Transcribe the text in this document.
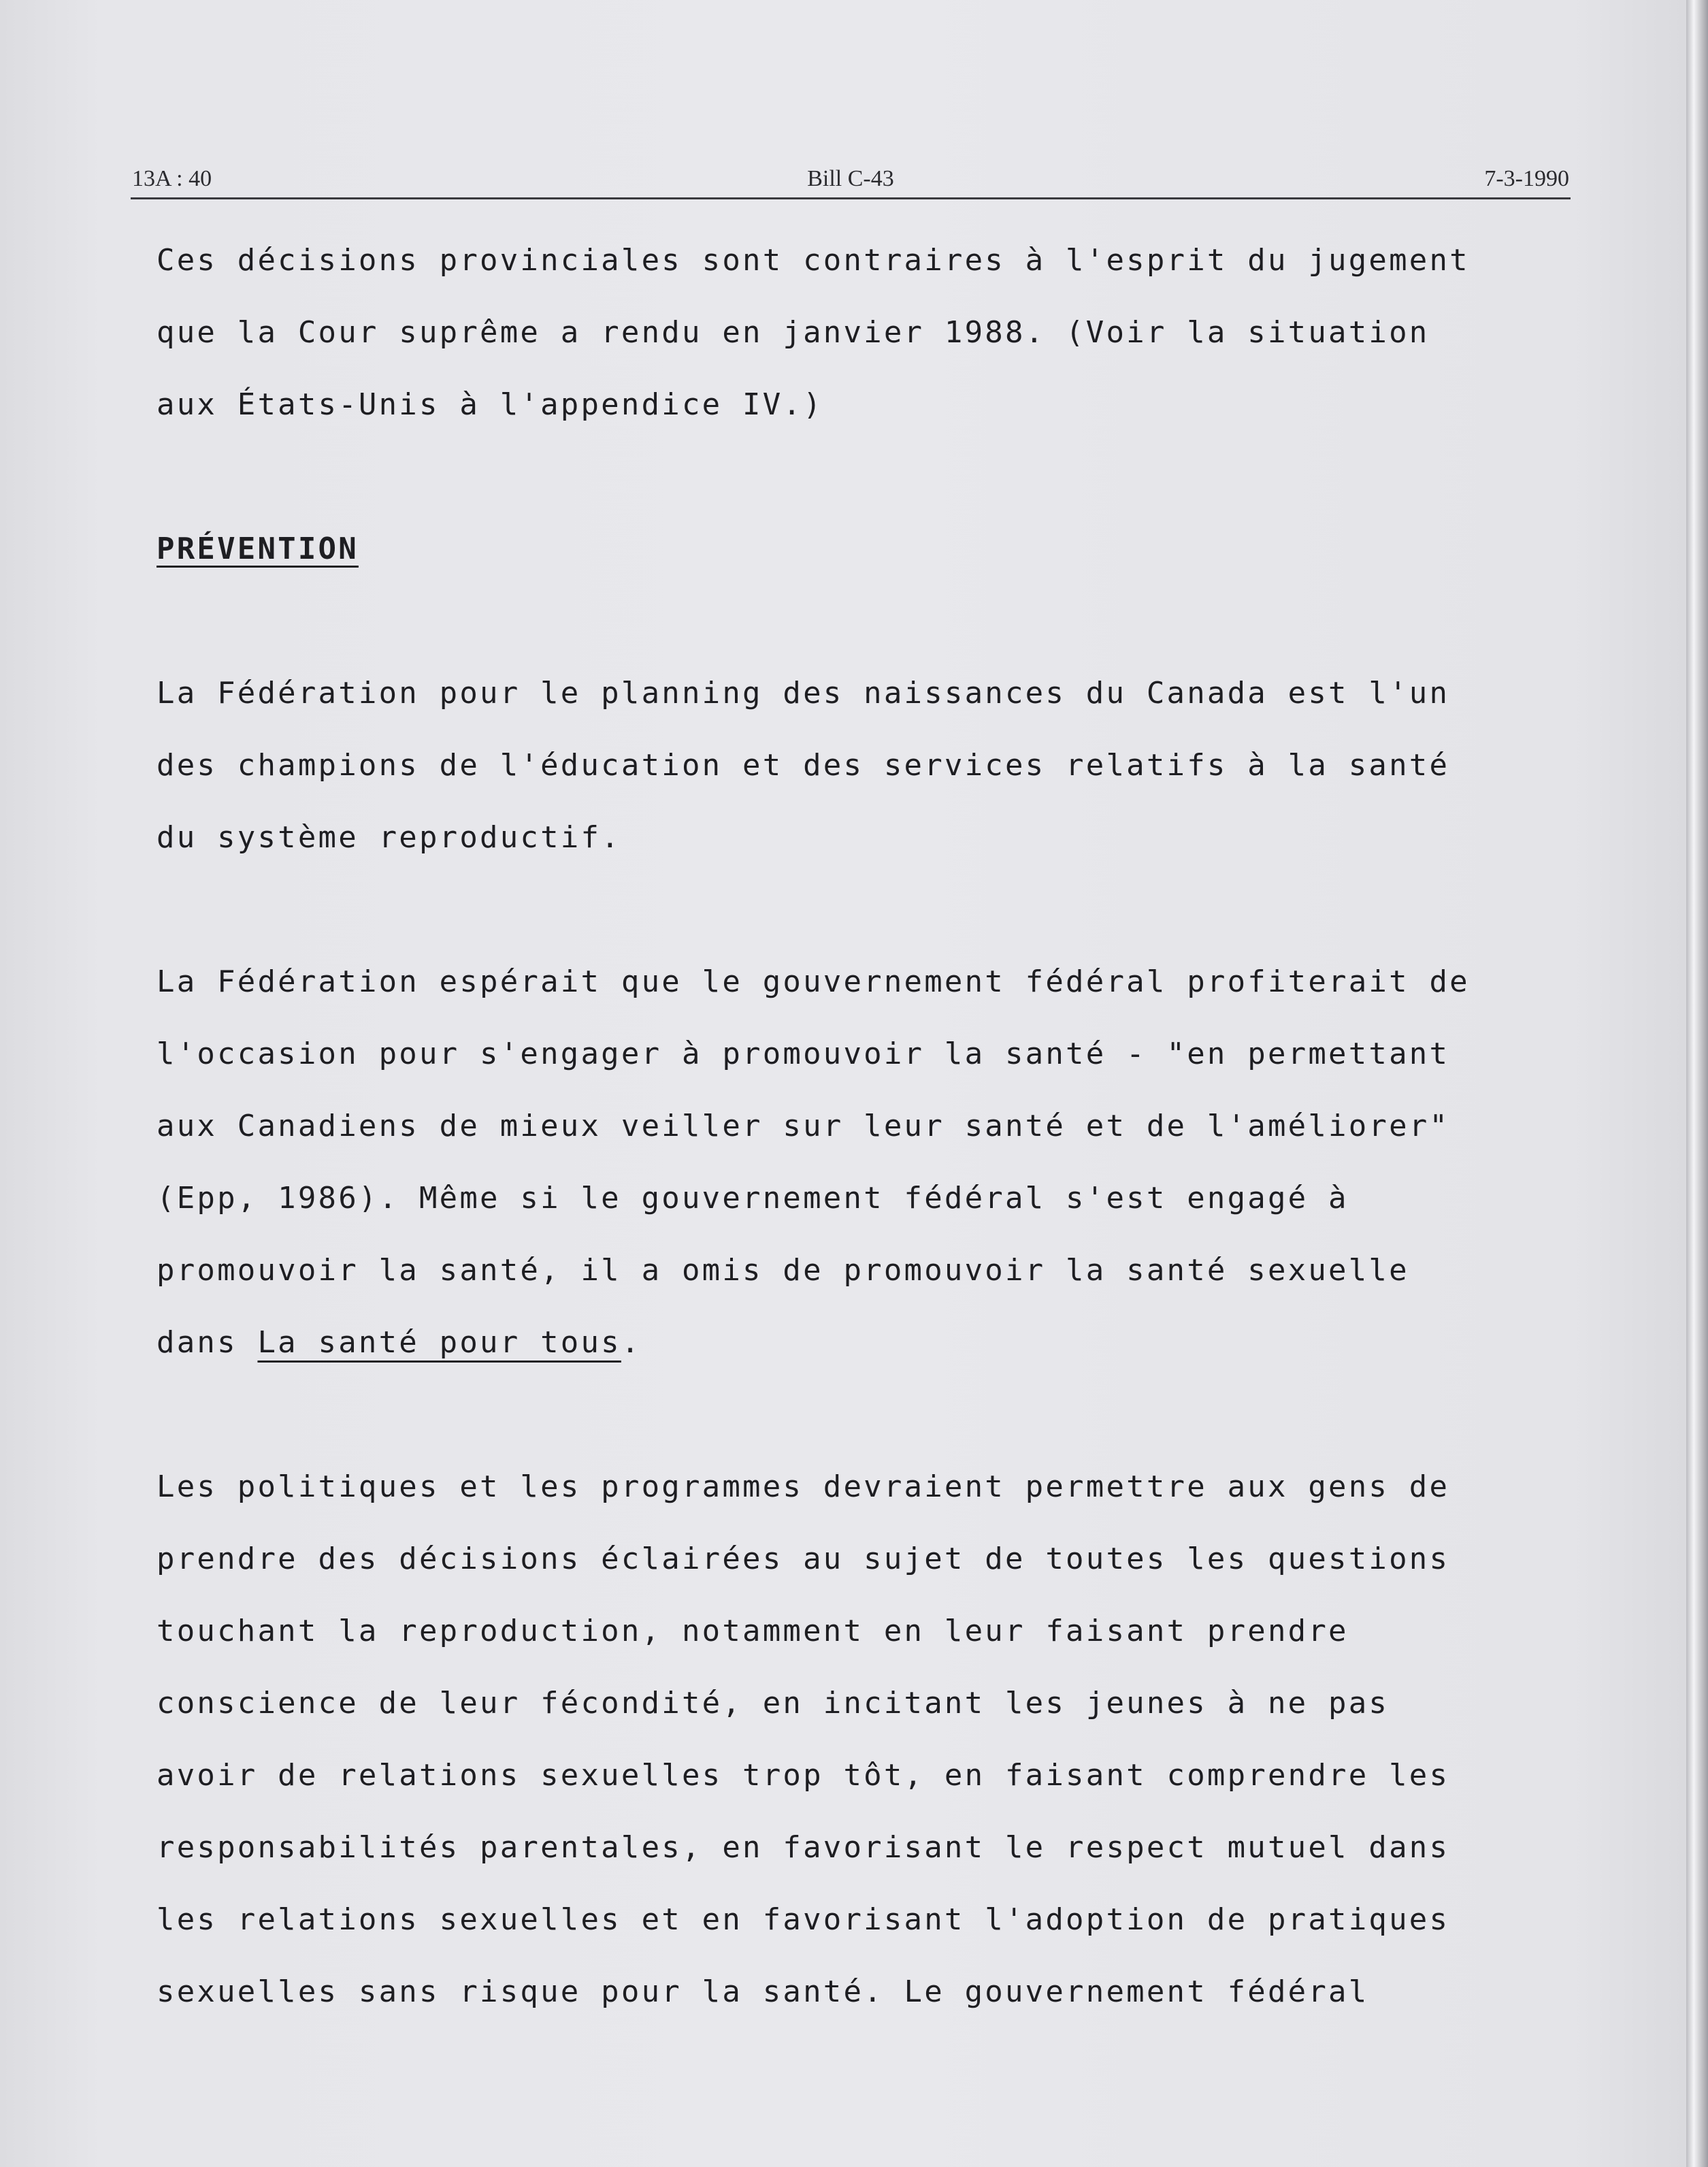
13A : 40	Bill C-43	7-3-1990
Ces décisions provinciales sont contraires à l'esprit du jugement
que la Cour suprême a rendu en janvier 1988. (Voir la situation
aux États-Unis à l'appendice IV.)
PRÉVENTION
La Fédération pour le planning des naissances du Canada est l'un
des champions de l'éducation et des services relatifs à la santé
du système reproductif.
La Fédération espérait que le gouvernement fédéral profiterait de
l'occasion pour s'engager à promouvoir la santé - "en permettant
aux Canadiens de mieux veiller sur leur santé et de l'améliorer"
(Epp, 1986). Même si le gouvernement fédéral s'est engagé à
promouvoir la santé, il a omis de promouvoir la santé sexuelle
dans La santé pour tous.
Les politiques et les programmes devraient permettre aux gens de
prendre des décisions éclairées au sujet de toutes les questions
touchant la reproduction, notamment en leur faisant prendre
conscience de leur fécondité, en incitant les jeunes à ne pas
avoir de relations sexuelles trop tôt, en faisant comprendre les
responsabilités parentales, en favorisant le respect mutuel dans
les relations sexuelles et en favorisant l'adoption de pratiques
sexuelles sans risque pour la santé. Le gouvernement fédéral
